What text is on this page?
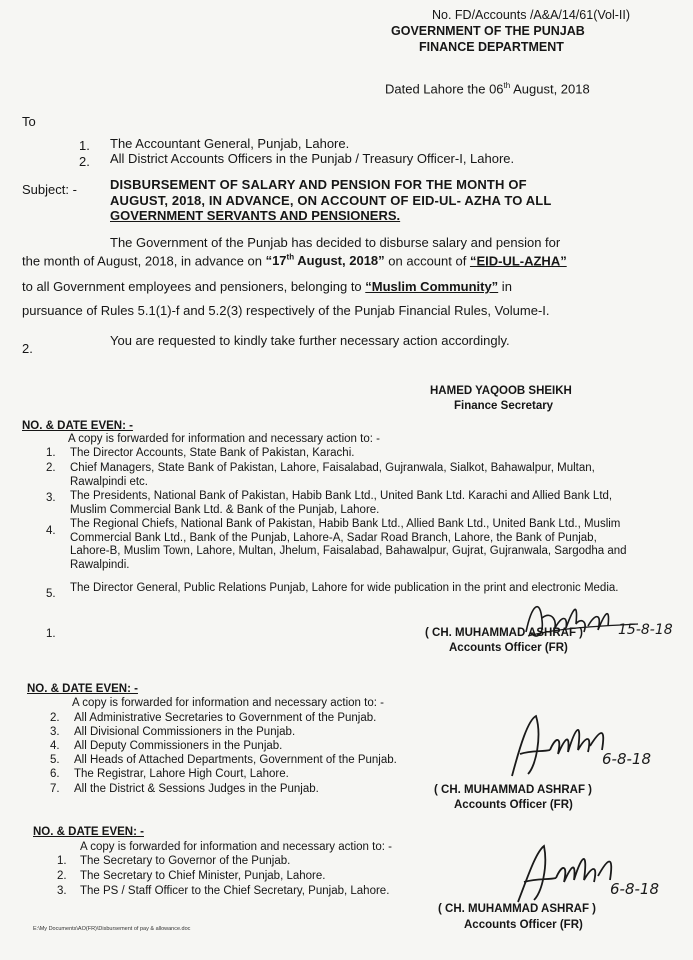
No. FD/Accounts /A&A/14/61(Vol-II)
GOVERNMENT OF THE PUNJAB
FINANCE DEPARTMENT
Dated Lahore the 06th August, 2018
To
1. The Accountant General, Punjab, Lahore.
2. All District Accounts Officers in the Punjab / Treasury Officer-I, Lahore.
Subject: -	DISBURSEMENT OF SALARY AND PENSION FOR THE MONTH OF
AUGUST, 2018, IN ADVANCE, ON ACCOUNT OF EID-UL- AZHA TO ALL
GOVERNMENT SERVANTS AND PENSIONERS.
The Government of the Punjab has decided to disburse salary and pension for
the month of August, 2018, in advance on “17th August, 2018” on account of “EID-UL-AZHA”
to all Government employees and pensioners, belonging to “Muslim Community” in
pursuance of Rules 5.1(1)-f and 5.2(3) respectively of the Punjab Financial Rules, Volume-I.
2.
You are requested to kindly take further necessary action accordingly.
HAMED YAQOOB SHEIKH
Finance Secretary
NO. & DATE EVEN: -
A copy is forwarded for information and necessary action to: -
1. The Director Accounts, State Bank of Pakistan, Karachi.
2. Chief Managers, State Bank of Pakistan, Lahore, Faisalabad, Gujranwala, Sialkot, Bahawalpur, Multan, Rawalpindi etc.
3. The Presidents, National Bank of Pakistan, Habib Bank Ltd., United Bank Ltd. Karachi and Allied Bank Ltd, Muslim Commercial Bank Ltd. & Bank of the Punjab, Lahore.
4.
The Regional Chiefs, National Bank of Pakistan, Habib Bank Ltd., Allied Bank Ltd., United Bank Ltd., Muslim Commercial Bank Ltd., Bank of the Punjab, Lahore-A, Sadar Road Branch, Lahore, the Bank of Punjab, Lahore-B, Muslim Town, Lahore, Multan, Jhelum, Faisalabad, Bahawalpur, Gujrat, Gujranwala, Sargodha and Rawalpindi.
5. The Director General, Public Relations Punjab, Lahore for wide publication in the print and electronic Media.
1.	15-8-18
( CH. MUHAMMAD ASHRAF )
Accounts Officer (FR)
NO. & DATE EVEN: -
A copy is forwarded for information and necessary action to: -
2. All Administrative Secretaries to Government of the Punjab.
3. All Divisional Commissioners in the Punjab.
4. All Deputy Commissioners in the Punjab.
5. All Heads of Attached Departments, Government of the Punjab.
6. The Registrar, Lahore High Court, Lahore.
7. All the District & Sessions Judges in the Punjab.
6-8-18
( CH. MUHAMMAD ASHRAF )
Accounts Officer (FR)
NO. & DATE EVEN: -
A copy is forwarded for information and necessary action to: -
1. The Secretary to Governor of the Punjab.
2. The Secretary to Chief Minister, Punjab, Lahore.
3. The PS / Staff Officer to the Chief Secretary, Punjab, Lahore.	6-8-18
( CH. MUHAMMAD ASHRAF )
Accounts Officer (FR)
E:\My Documents\AO(FR)\Disbursement of pay & allowance.doc
